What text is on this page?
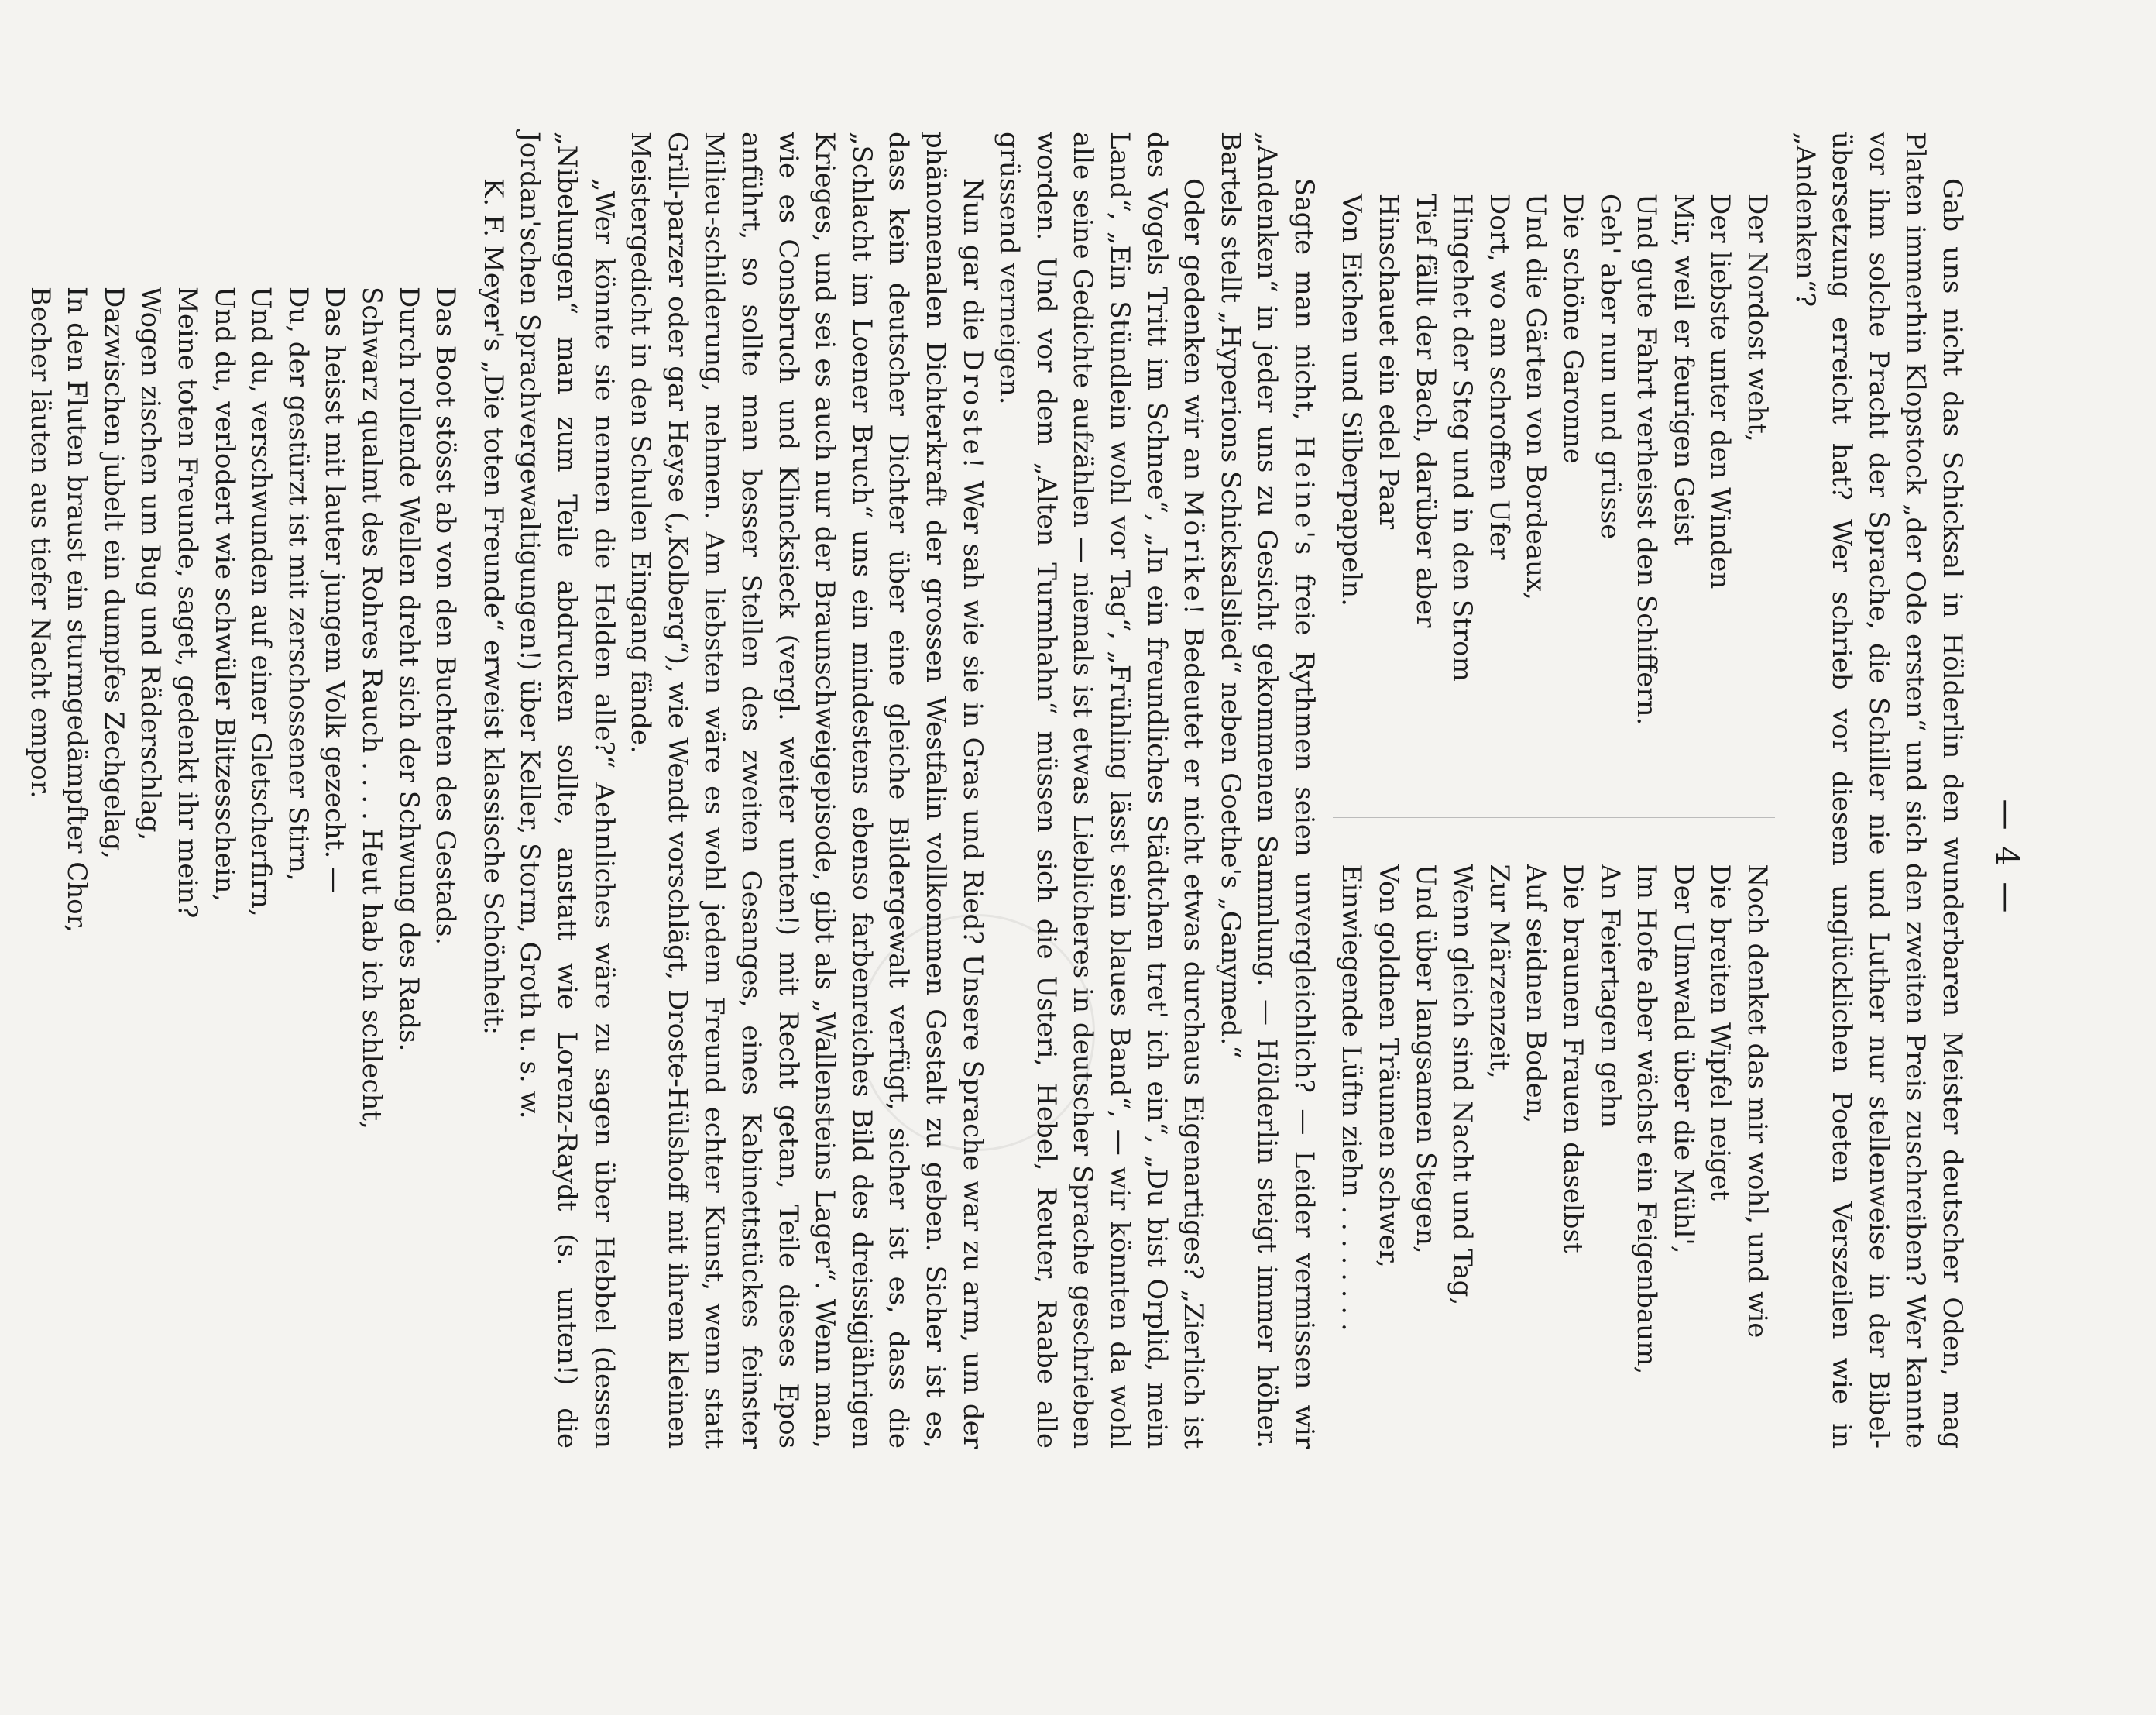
— 4 —

Gab uns nicht das Schicksal in Hölderlin den wunderbaren Meister deutscher Oden, mag Platen immerhin Klopstock „der Ode ersten“ und sich den zweiten Preis zuschreiben? Wer kannte vor ihm solche Pracht der Sprache, die Schiller nie und Luther nur stellenweise in der Bibel-übersetzung erreicht hat? Wer schrieb vor diesem unglücklichen Poeten Verszeilen wie in „Andenken“?

Der Nordost weht,
Der liebste unter den Winden
Mir, weil er feurigen Geist
Und gute Fahrt verheisst den Schiffern.
Geh' aber nun und grüsse
Die schöne Garonne
Und die Gärten von Bordeaux,
Dort, wo am schroffen Ufer
Hingehet der Steg und in den Strom
Tief fällt der Bach, darüber aber
Hinschauet ein edel Paar
Von Eichen und Silberpappeln.
Noch denket das mir wohl, und wie
Die breiten Wipfel neiget
Der Ulmwald über die Mühl',
Im Hofe aber wächst ein Feigenbaum,
An Feiertagen gehn
Die braunen Frauen daselbst
Auf seidnen Boden,
Zur Märzenzeit,
Wenn gleich sind Nacht und Tag,
Und über langsamen Stegen,
Von goldnen Träumen schwer,
Einwiegende Lüftn ziehn . . . . . . . .

Sagte man nicht, Heine's freie Rythmen seien unvergleichlich? — Leider vermissen wir „Andenken“ in jeder uns zu Gesicht gekommenen Sammlung. — Hölderlin steigt immer höher. Bartels stellt „Hyperions Schicksalslied“ neben Goethe's „Ganymed.“

Oder gedenken wir an Mörike! Bedeutet er nicht etwas durchaus Eigenartiges? „Zierlich ist des Vogels Tritt im Schnee“, „In ein freundliches Städtchen tret' ich ein“, „Du bist Orplid, mein Land“, „Ein Stündlein wohl vor Tag“, „Frühling lässt sein blaues Band“, — wir könnten da wohl alle seine Gedichte aufzählen — niemals ist etwas Lieblicheres in deutscher Sprache geschrieben worden. Und vor dem „Alten Turmhahn“ müssen sich die Usteri, Hebel, Reuter, Raabe alle grüssend verneigen.

Nun gar die Droste! Wer sah wie sie in Gras und Ried? Unsere Sprache war zu arm, um der phänomenalen Dichterkraft der grossen Westfalin vollkommen Gestalt zu geben. Sicher ist es, dass kein deutscher Dichter über eine gleiche Bildergewalt verfügt, sicher ist es, dass die „Schlacht im Loener Bruch“ uns ein mindestens ebenso farbenreiches Bild des dreissigjährigen Krieges, und sei es auch nur der Braunschweigepisode, gibt als „Wallensteins Lager“. Wenn man, wie es Consbruch und Klincksieck (vergl. weiter unten!) mit Recht getan, Teile dieses Epos anführt, so sollte man besser Stellen des zweiten Gesanges, eines Kabinettstückes feinster Milieu-schilderung, nehmen. Am liebsten wäre es wohl jedem Freund echter Kunst, wenn statt Grill-parzer oder gar Heyse („Kolberg“), wie Wendt vorschlägt, Droste-Hülshoff mit ihrem kleinen Meistergedicht in den Schulen Eingang fände.

„Wer könnte sie nennen die Helden alle?“ Aehnliches wäre zu sagen über Hebbel (dessen „Nibelungen“ man zum Teile abdrucken sollte, anstatt wie Lorenz-Raydt (s. unten!) die Jordan'schen Sprachvergewaltigungen!) über Keller, Storm, Groth u. s. w.

K. F. Meyer's „Die toten Freunde“ erweist klassische Schönheit:

Das Boot stösst ab von den Buchten des Gestads.
Durch rollende Wellen dreht sich der Schwung des Rads.
Schwarz qualmt des Rohres Rauch . . . . Heut hab ich schlecht,
Das heisst mit lauter jungem Volk gezecht. —
Du, der gestürzt ist mit zerschossener Stirn,
Und du, verschwunden auf einer Gletscherfirn,
Und du, verlodert wie schwüler Blitzesschein,
Meine toten Freunde, saget, gedenkt ihr mein?
Wogen zischen um Bug und Räderschlag,
Dazwischen jubelt ein dumpfes Zechgelag,
In den Fluten braust ein sturmgedämpfter Chor,
Becher läuten aus tiefer Nacht empor.
